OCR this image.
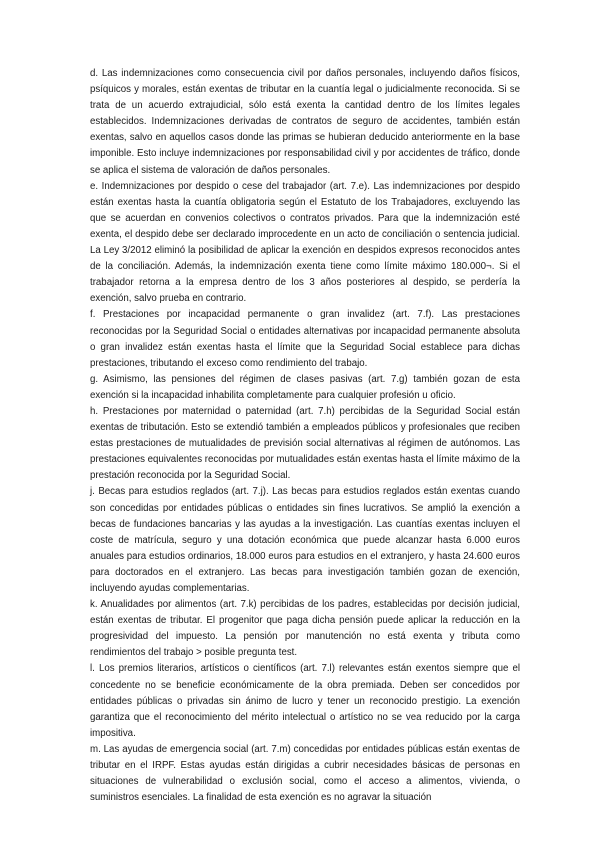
d. Las indemnizaciones como consecuencia civil por daños personales, incluyendo daños físicos, psíquicos y morales, están exentas de tributar en la cuantía legal o judicialmente reconocida. Si se trata de un acuerdo extrajudicial, sólo está exenta la cantidad dentro de los límites legales establecidos. Indemnizaciones derivadas de contratos de seguro de accidentes, también están exentas, salvo en aquellos casos donde las primas se hubieran deducido anteriormente en la base imponible. Esto incluye indemnizaciones por responsabilidad civil y por accidentes de tráfico, donde se aplica el sistema de valoración de daños personales.

e. Indemnizaciones por despido o cese del trabajador (art. 7.e). Las indemnizaciones por despido están exentas hasta la cuantía obligatoria según el Estatuto de los Trabajadores, excluyendo las que se acuerdan en convenios colectivos o contratos privados. Para que la indemnización esté exenta, el despido debe ser declarado improcedente en un acto de conciliación o sentencia judicial. La Ley 3/2012 eliminó la posibilidad de aplicar la exención en despidos expresos reconocidos antes de la conciliación. Además, la indemnización exenta tiene como límite máximo 180.000¬. Si el trabajador retorna a la empresa dentro de los 3 años posteriores al despido, se perdería la exención, salvo prueba en contrario.

f. Prestaciones por incapacidad permanente o gran invalidez (art. 7.f). Las prestaciones reconocidas por la Seguridad Social o entidades alternativas por incapacidad permanente absoluta o gran invalidez están exentas hasta el límite que la Seguridad Social establece para dichas prestaciones, tributando el exceso como rendimiento del trabajo.

g. Asimismo, las pensiones del régimen de clases pasivas (art. 7.g) también gozan de esta exención si la incapacidad inhabilita completamente para cualquier profesión u oficio.

h. Prestaciones por maternidad o paternidad (art. 7.h) percibidas de la Seguridad Social están exentas de tributación. Esto se extendió también a empleados públicos y profesionales que reciben estas prestaciones de mutualidades de previsión social alternativas al régimen de autónomos. Las prestaciones equivalentes reconocidas por mutualidades están exentas hasta el límite máximo de la prestación reconocida por la Seguridad Social.

j. Becas para estudios reglados (art. 7.j). Las becas para estudios reglados están exentas cuando son concedidas por entidades públicas o entidades sin fines lucrativos. Se amplió la exención a becas de fundaciones bancarias y las ayudas a la investigación. Las cuantías exentas incluyen el coste de matrícula, seguro y una dotación económica que puede alcanzar hasta 6.000 euros anuales para estudios ordinarios, 18.000 euros para estudios en el extranjero, y hasta 24.600 euros para doctorados en el extranjero. Las becas para investigación también gozan de exención, incluyendo ayudas complementarias.

k. Anualidades por alimentos (art. 7.k) percibidas de los padres, establecidas por decisión judicial, están exentas de tributar. El progenitor que paga dicha pensión puede aplicar la reducción en la progresividad del impuesto. La pensión por manutención no está exenta y tributa como rendimientos del trabajo > posible pregunta test.

l. Los premios literarios, artísticos o científicos (art. 7.l) relevantes están exentos siempre que el concedente no se beneficie económicamente de la obra premiada. Deben ser concedidos por entidades públicas o privadas sin ánimo de lucro y tener un reconocido prestigio. La exención garantiza que el reconocimiento del mérito intelectual o artístico no se vea reducido por la carga impositiva.

m. Las ayudas de emergencia social (art. 7.m) concedidas por entidades públicas están exentas de tributar en el IRPF. Estas ayudas están dirigidas a cubrir necesidades básicas de personas en situaciones de vulnerabilidad o exclusión social, como el acceso a alimentos, vivienda, o suministros esenciales. La finalidad de esta exención es no agravar la situación
